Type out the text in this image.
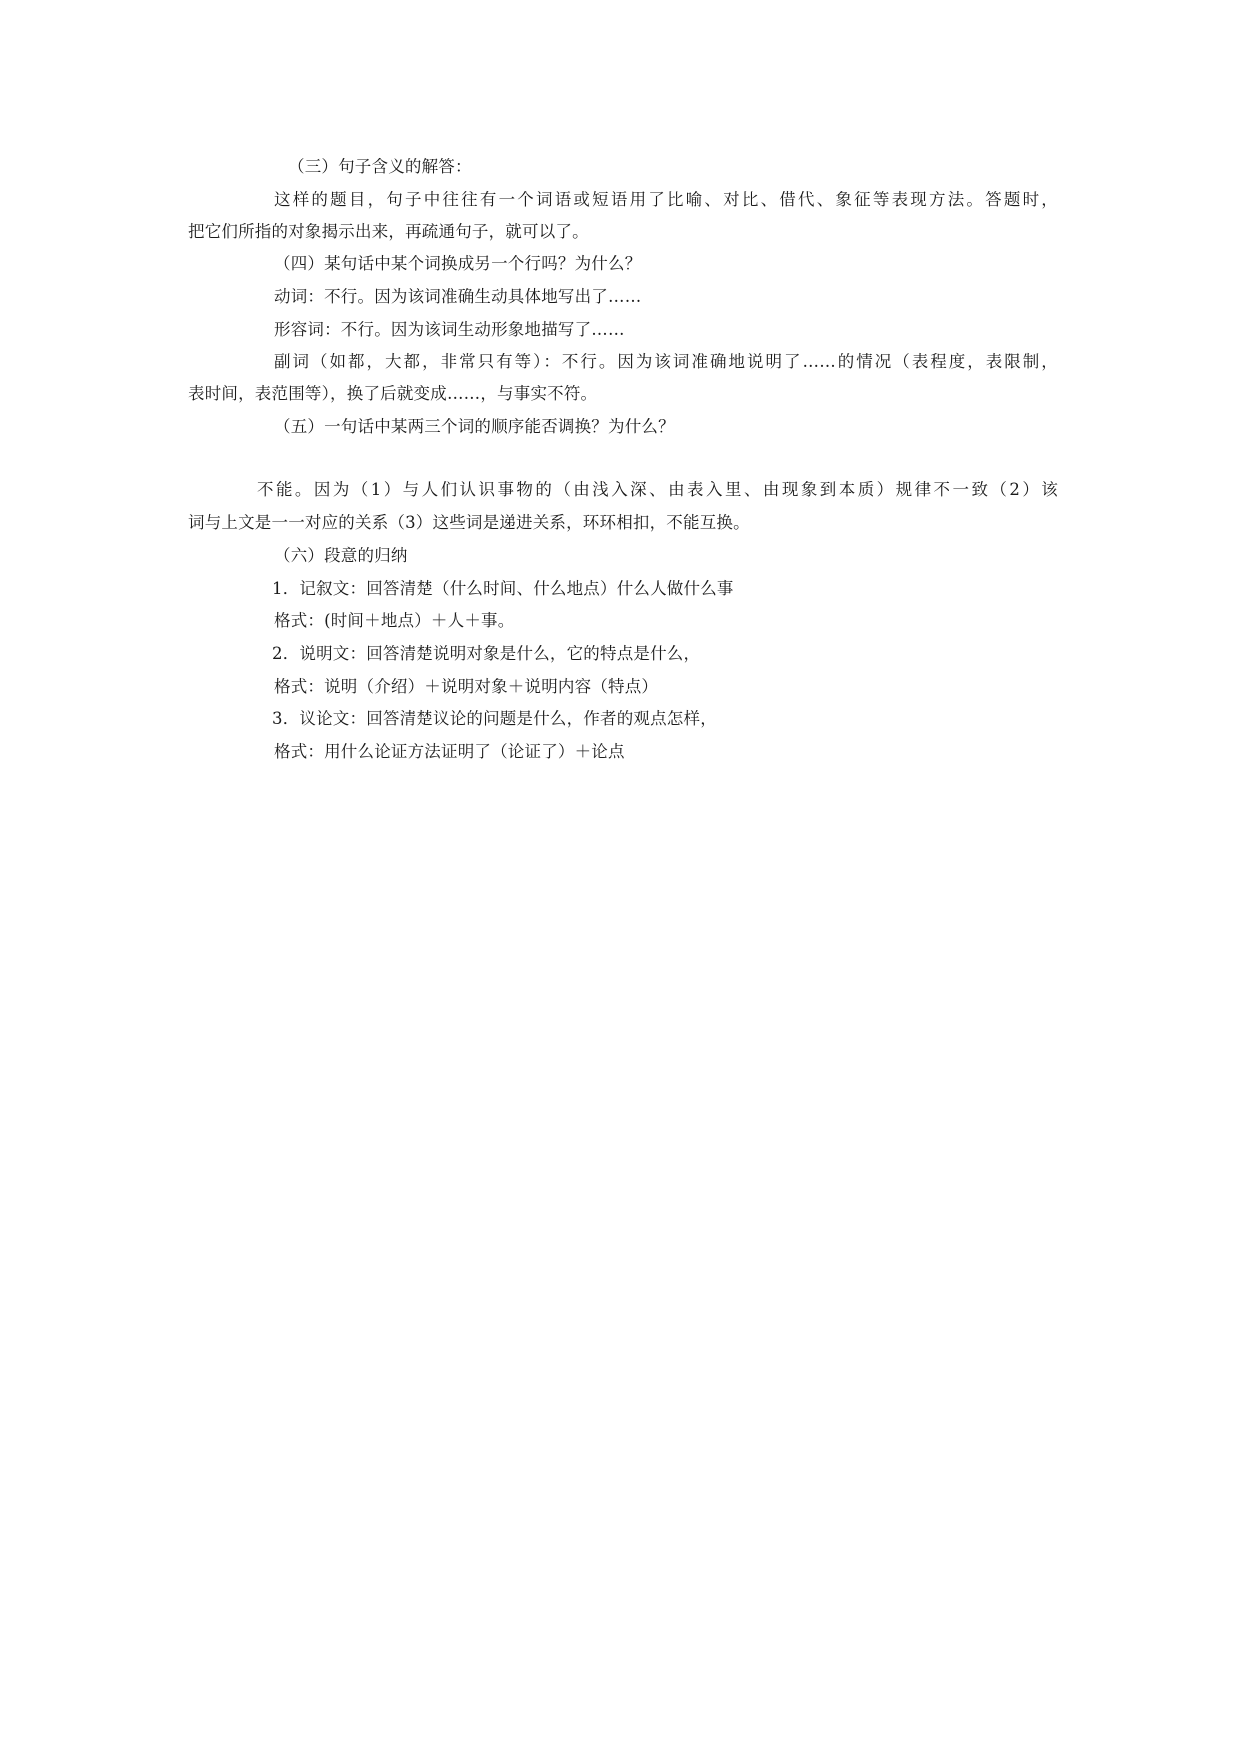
（三）句子含义的解答：
这样的题目，句子中往往有一个词语或短语用了比喻、对比、借代、象征等表现方法。答题时，
把它们所指的对象揭示出来，再疏通句子，就可以了。
（四）某句话中某个词换成另一个行吗？为什么？
动词：不行。因为该词准确生动具体地写出了……
形容词：不行。因为该词生动形象地描写了……
副词（如都，大都，非常只有等）：不行。因为该词准确地说明了……的情况（表程度，表限制，
表时间，表范围等），换了后就变成……，与事实不符。
（五）一句话中某两三个词的顺序能否调换？为什么？
不能。因为（1）与人们认识事物的（由浅入深、由表入里、由现象到本质）规律不一致（2）该
词与上文是一一对应的关系（3）这些词是递进关系，环环相扣，不能互换。
（六）段意的归纳
1．记叙文：回答清楚（什么时间、什么地点）什么人做什么事
格式：(时间＋地点）＋人＋事。
2．说明文：回答清楚说明对象是什么，它的特点是什么，
格式：说明（介绍）＋说明对象＋说明内容（特点）
3．议论文：回答清楚议论的问题是什么，作者的观点怎样，
格式：用什么论证方法证明了（论证了）＋论点
